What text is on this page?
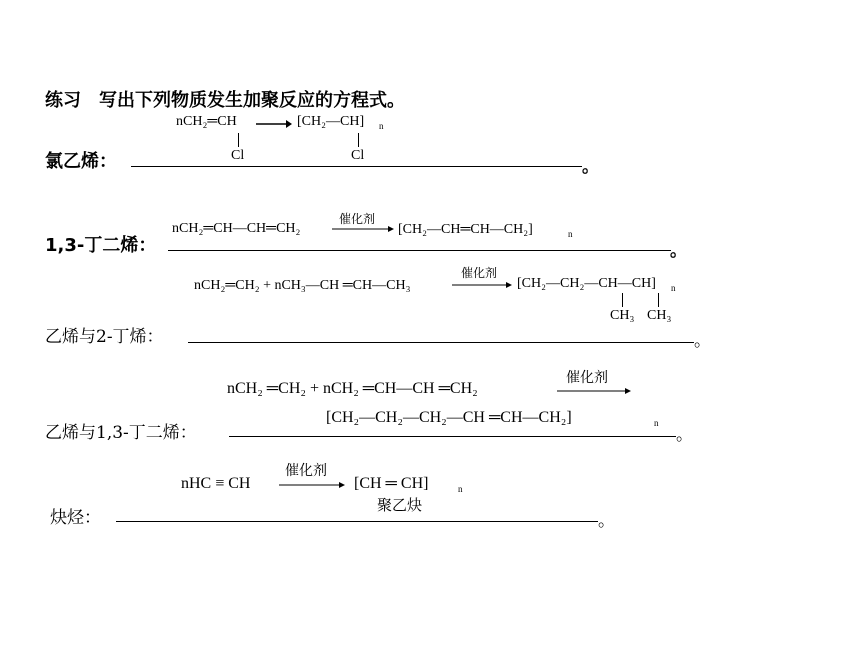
练习　写出下列物质发生加聚反应的方程式。
nCH₂═CH
Cl
→ [CH₂—CH] n
Cl
氯乙烯：	。
nCH₂═CH—CH═CH₂
催化剂
→ [CH₂—CH═CH—CH₂]	n
1,3-丁二烯：	。
nCH₂═CH₂ + nCH₃—CH ═CH—CH₃
催化剂
→ [CH₂—CH₂—CH—CH] n
CH₃ CH₃
乙烯与2-丁烯：	。
nCH₂ ═CH₂ + nCH₂ ═CH—CH ═CH₂
催化剂
[CH₂—CH₂—CH₂—CH ═CH—CH₂]	n
乙烯与1,3-丁二烯：	。
nHC ≡ CH
催化剂
[CH ═ CH]	n
聚乙炔
炔烃：	。
